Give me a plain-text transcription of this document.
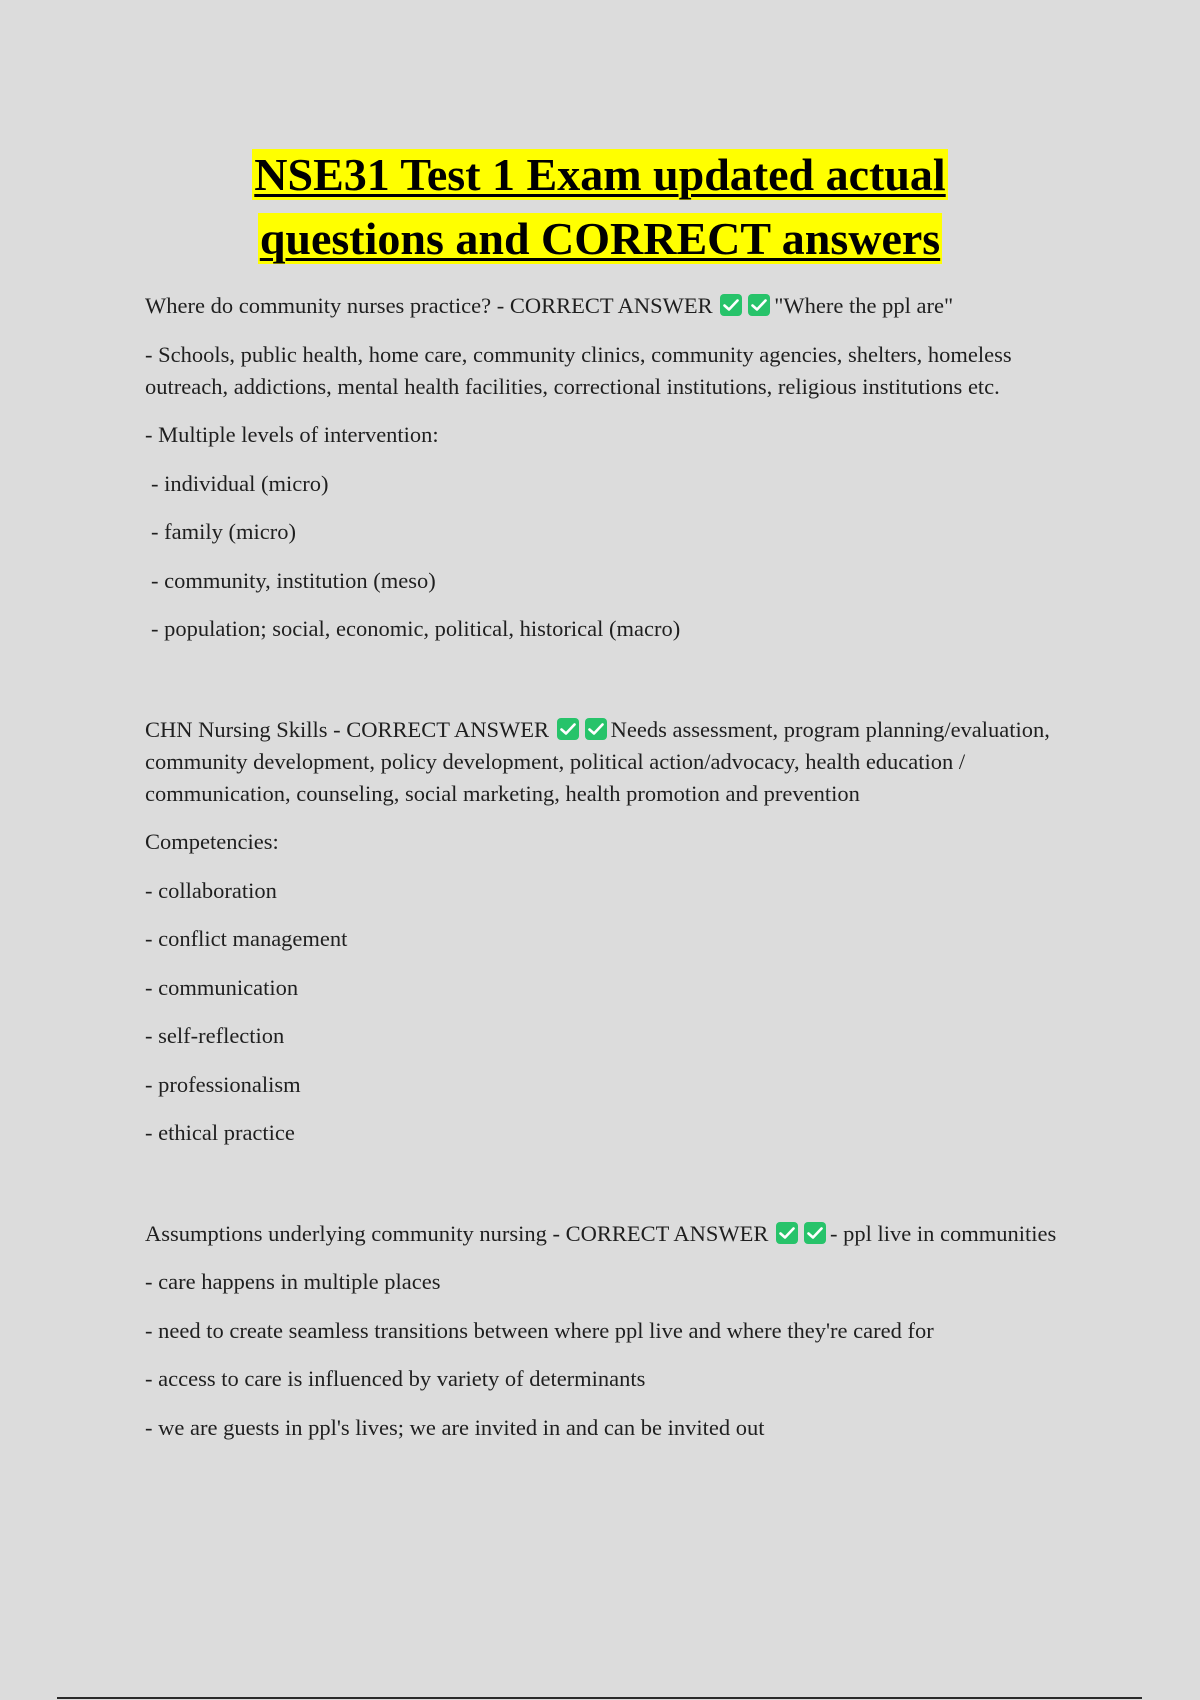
NSE31 Test 1 Exam updated actual
questions and CORRECT answers

Where do community nurses practice? - CORRECT ANSWER	"Where the ppl are"

- Schools, public health, home care, community clinics, community agencies, shelters, homeless outreach, addictions, mental health facilities, correctional institutions, religious institutions etc.

- Multiple levels of intervention:

- individual (micro)

- family (micro)

- community, institution (meso)

- population; social, economic, political, historical (macro)

CHN Nursing Skills - CORRECT ANSWER	Needs assessment, program planning/evaluation, community development, policy development, political action/advocacy, health education / communication, counseling, social marketing, health promotion and prevention

Competencies:

- collaboration

- conflict management

- communication

- self-reflection

- professionalism

- ethical practice

Assumptions underlying community nursing - CORRECT ANSWER	- ppl live in communities

- care happens in multiple places

- need to create seamless transitions between where ppl live and where they're cared for

- access to care is influenced by variety of determinants

- we are guests in ppl's lives; we are invited in and can be invited out
